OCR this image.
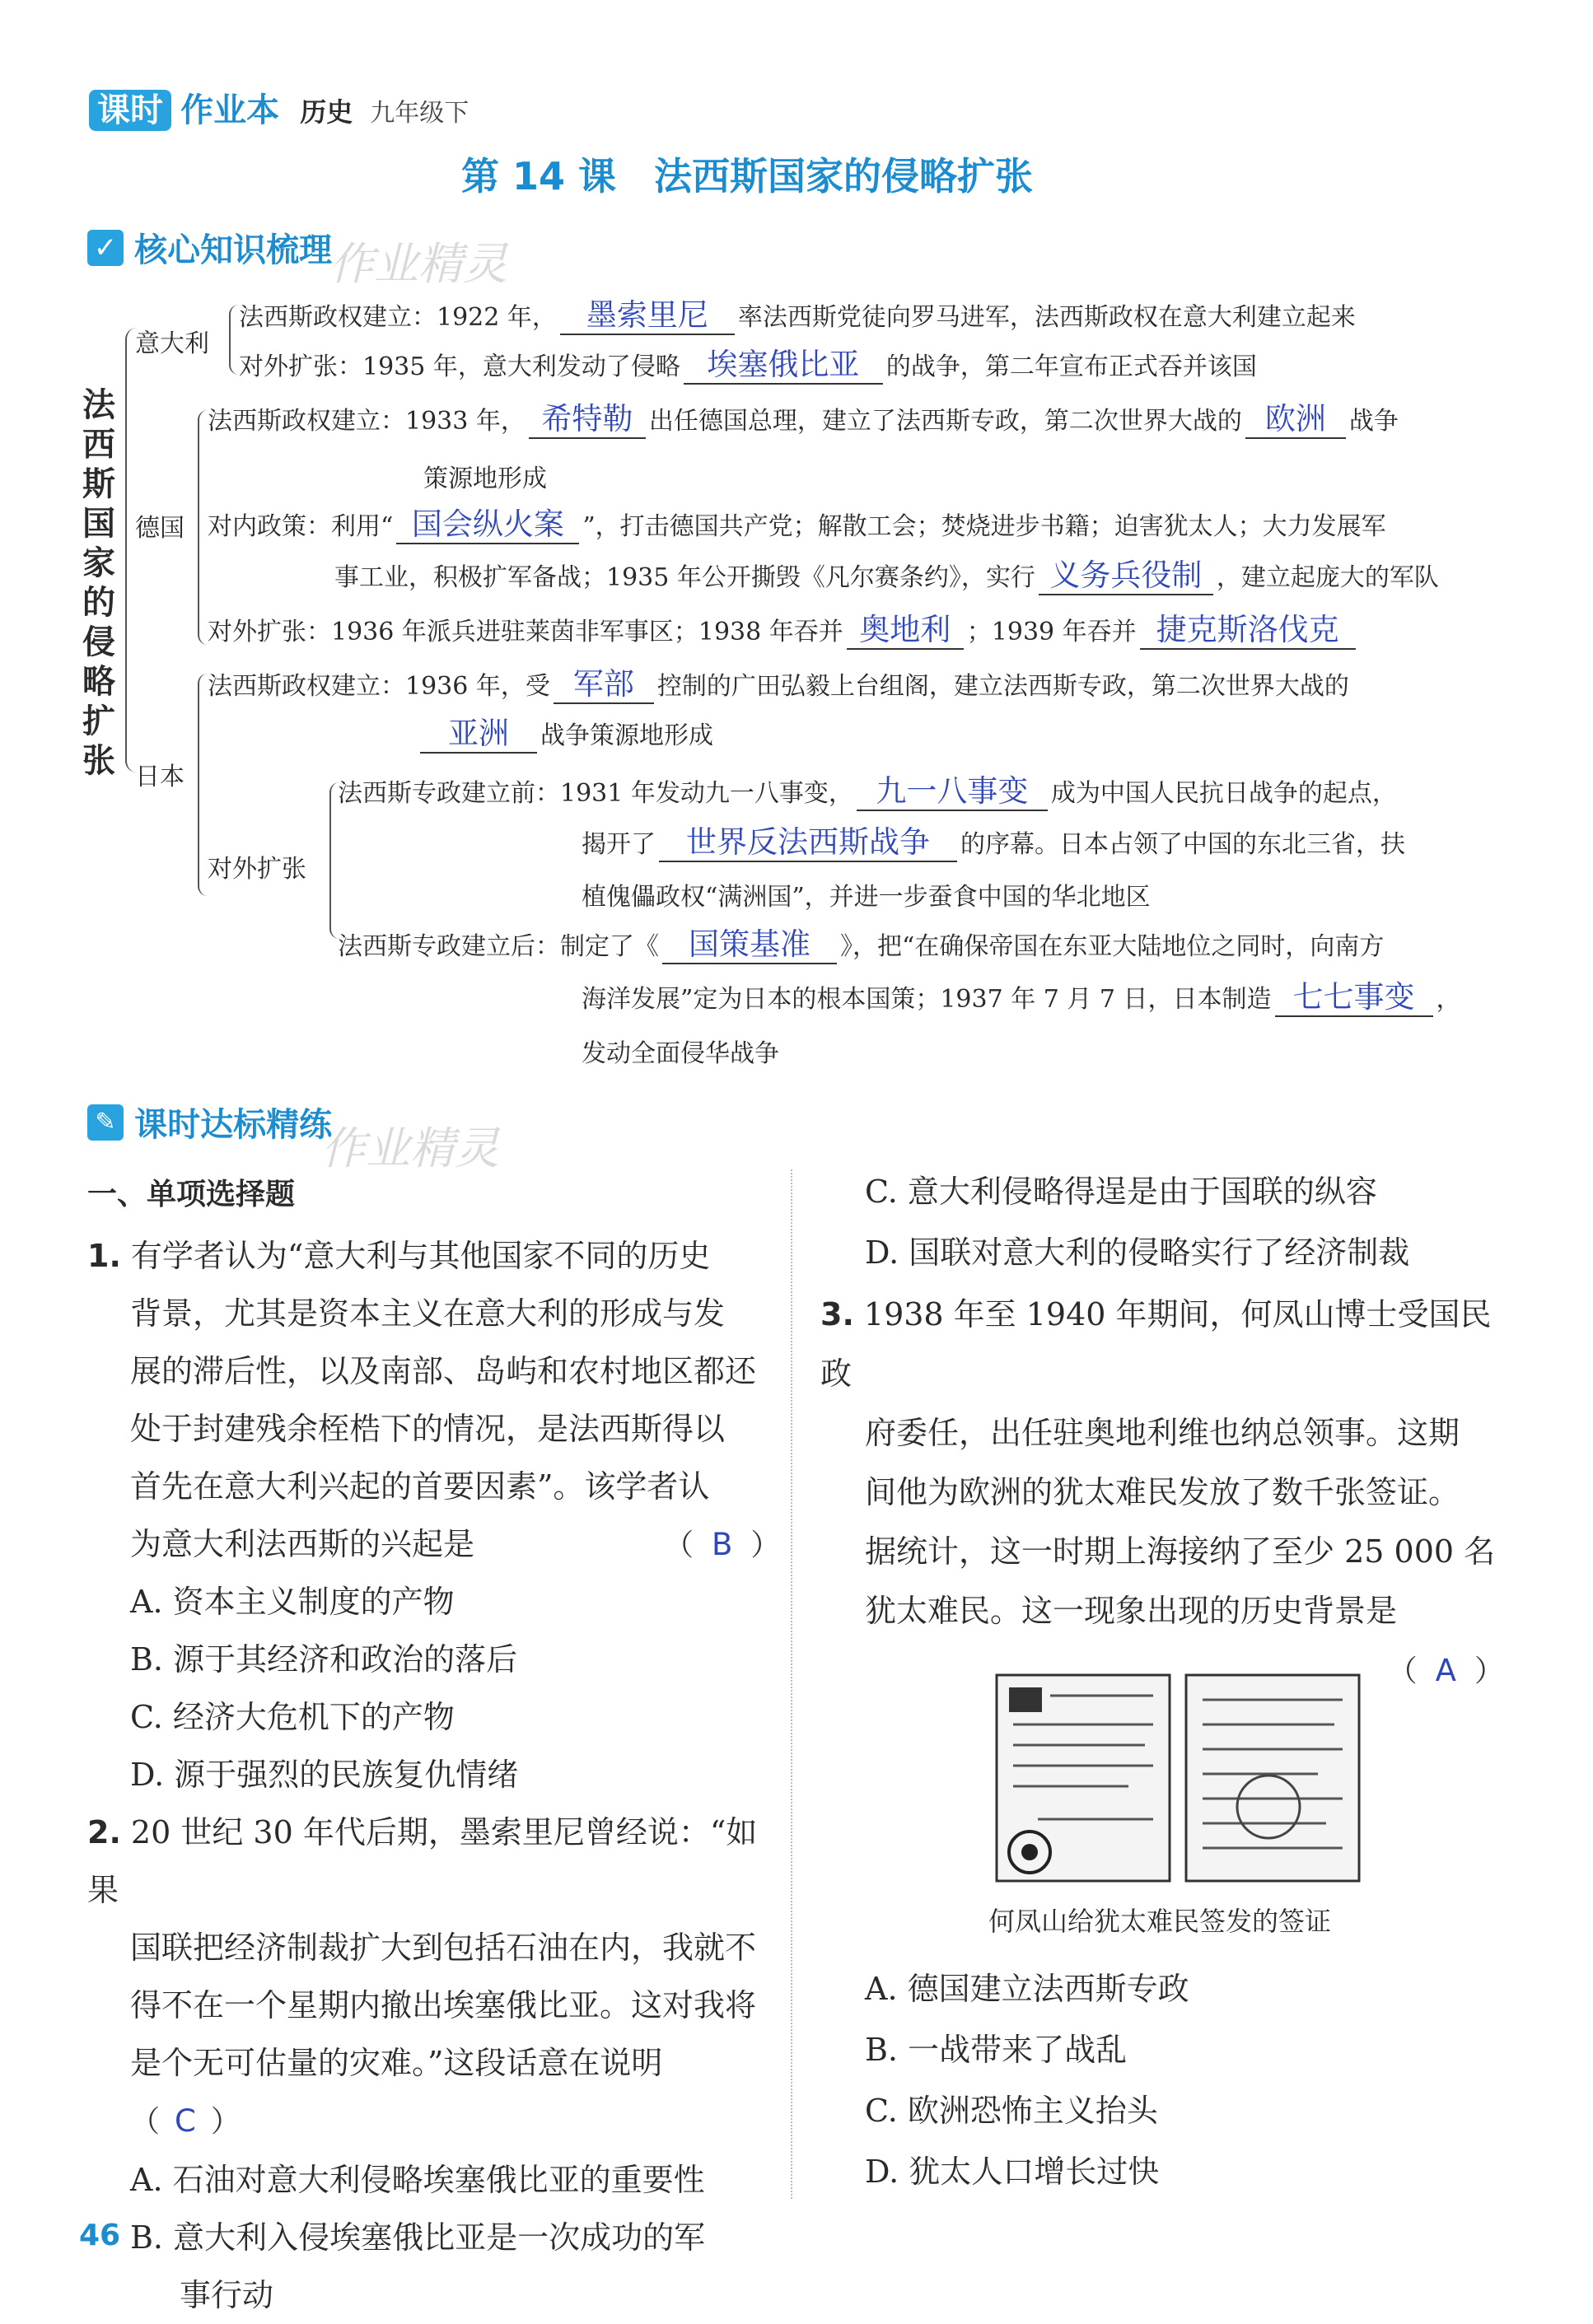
课时 作业本 历史 九年级下
第 14 课　法西斯国家的侵略扩张
✓ 核心知识梳理
作业精灵
法西斯国家的侵略扩张
意大利
德国
日本
法西斯政权建立：1922 年， 墨索里尼 率法西斯党徒向罗马进军，法西斯政权在意大利建立起来
对外扩张：1935 年，意大利发动了侵略 埃塞俄比亚 的战争，第二年宣布正式吞并该国
法西斯政权建立：1933 年， 希特勒 出任德国总理，建立了法西斯专政，第二次世界大战的 欧洲 战争
策源地形成
对内政策：利用“ 国会纵火案 ”，打击德国共产党；解散工会；焚烧进步书籍；迫害犹太人；大力发展军
事工业，积极扩军备战；1935 年公开撕毁《凡尔赛条约》，实行 义务兵役制 ，建立起庞大的军队
对外扩张：1936 年派兵进驻莱茵非军事区；1938 年吞并 奥地利 ；1939 年吞并 捷克斯洛伐克
法西斯政权建立：1936 年，受 军部 控制的广田弘毅上台组阁，建立法西斯专政，第二次世界大战的
亚洲 战争策源地形成
对外扩张
法西斯专政建立前：1931 年发动九一八事变， 九一八事变 成为中国人民抗日战争的起点，
揭开了 世界反法西斯战争 的序幕。日本占领了中国的东北三省，扶
植傀儡政权“满洲国”，并进一步蚕食中国的华北地区
法西斯专政建立后：制定了《 国策基准 》，把“在确保帝国在东亚大陆地位之同时，向南方
海洋发展”定为日本的根本国策；1937 年 7 月 7 日，日本制造 七七事变 ，
发动全面侵华战争
✎ 课时达标精练
作业精灵
一、单项选择题
1. 有学者认为“意大利与其他国家不同的历史
背景，尤其是资本主义在意大利的形成与发
展的滞后性，以及南部、岛屿和农村地区都还
处于封建残余桎梏下的情况，是法西斯得以
首先在意大利兴起的首要因素”。该学者认
为意大利法西斯的兴起是	（ B ）
A. 资本主义制度的产物
B. 源于其经济和政治的落后
C. 经济大危机下的产物
D. 源于强烈的民族复仇情绪
2. 20 世纪 30 年代后期，墨索里尼曾经说：“如果
国联把经济制裁扩大到包括石油在内，我就不
得不在一个星期内撤出埃塞俄比亚。这对我将
是个无可估量的灾难。”这段话意在说明（ C ）
A. 石油对意大利侵略埃塞俄比亚的重要性
B. 意大利入侵埃塞俄比亚是一次成功的军
事行动
C. 意大利侵略得逞是由于国联的纵容
D. 国联对意大利的侵略实行了经济制裁
3. 1938 年至 1940 年期间，何凤山博士受国民政
府委任，出任驻奥地利维也纳总领事。这期
间他为欧洲的犹太难民发放了数千张签证。
据统计，这一时期上海接纳了至少 25 000 名
犹太难民。这一现象出现的历史背景是
（ A ）
何凤山给犹太难民签发的签证
A. 德国建立法西斯专政
B. 一战带来了战乱
C. 欧洲恐怖主义抬头
D. 犹太人口增长过快
46
